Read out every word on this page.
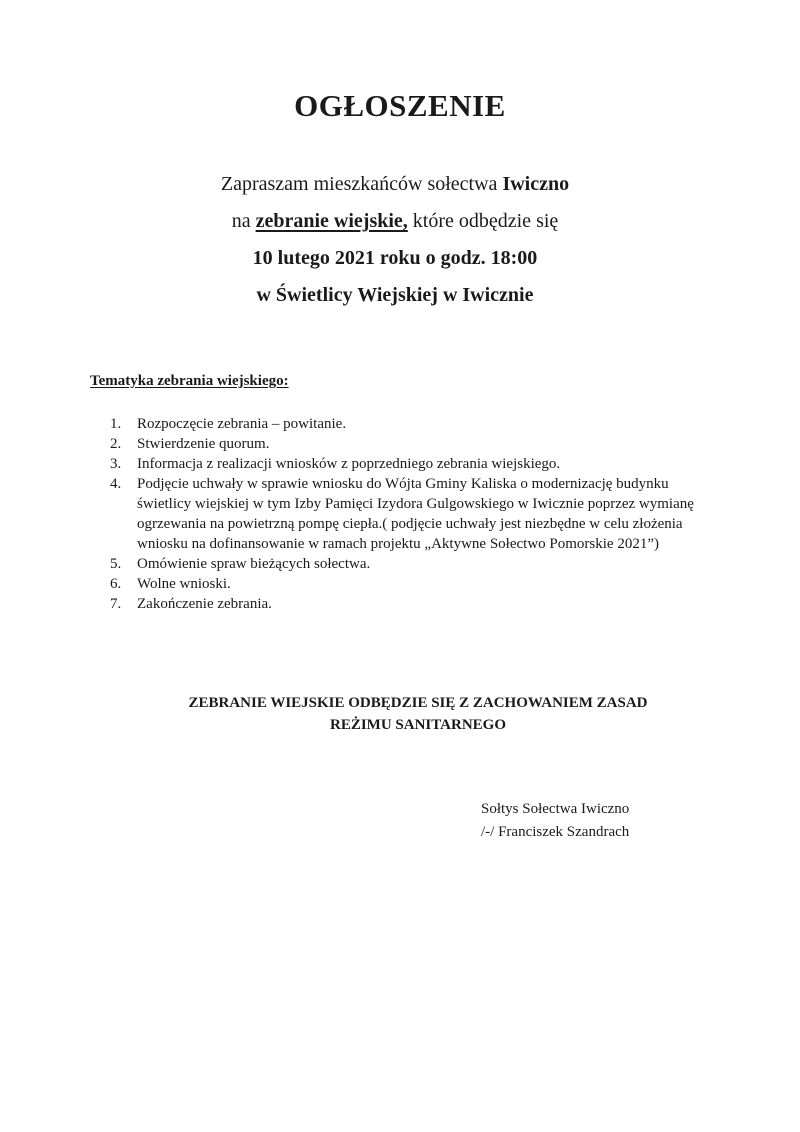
OGŁOSZENIE
Zapraszam mieszkańców sołectwa Iwiczno
na zebranie wiejskie, które odbędzie się
10 lutego 2021 roku o godz. 18:00
w Świetlicy Wiejskiej w Iwicznie
Tematyka zebrania wiejskiego:
1.	Rozpoczęcie zebrania – powitanie.
2.	Stwierdzenie quorum.
3.	Informacja z realizacji wniosków z poprzedniego zebrania wiejskiego.
4.	Podjęcie uchwały w sprawie wniosku do Wójta Gminy Kaliska o modernizację budynku świetlicy wiejskiej w tym Izby Pamięci Izydora Gulgowskiego w Iwicznie poprzez wymianę ogrzewania na powietrzną pompę ciepła.( podjęcie uchwały jest niezbędne w celu złożenia wniosku na dofinansowanie w ramach projektu „Aktywne Sołectwo Pomorskie 2021”)
5.	Omówienie spraw bieżących sołectwa.
6.	Wolne wnioski.
7.	Zakończenie zebrania.
ZEBRANIE WIEJSKIE ODBĘDZIE SIĘ Z ZACHOWANIEM ZASAD
REŻIMU SANITARNEGO
Sołtys Sołectwa Iwiczno
/-/ Franciszek Szandrach
